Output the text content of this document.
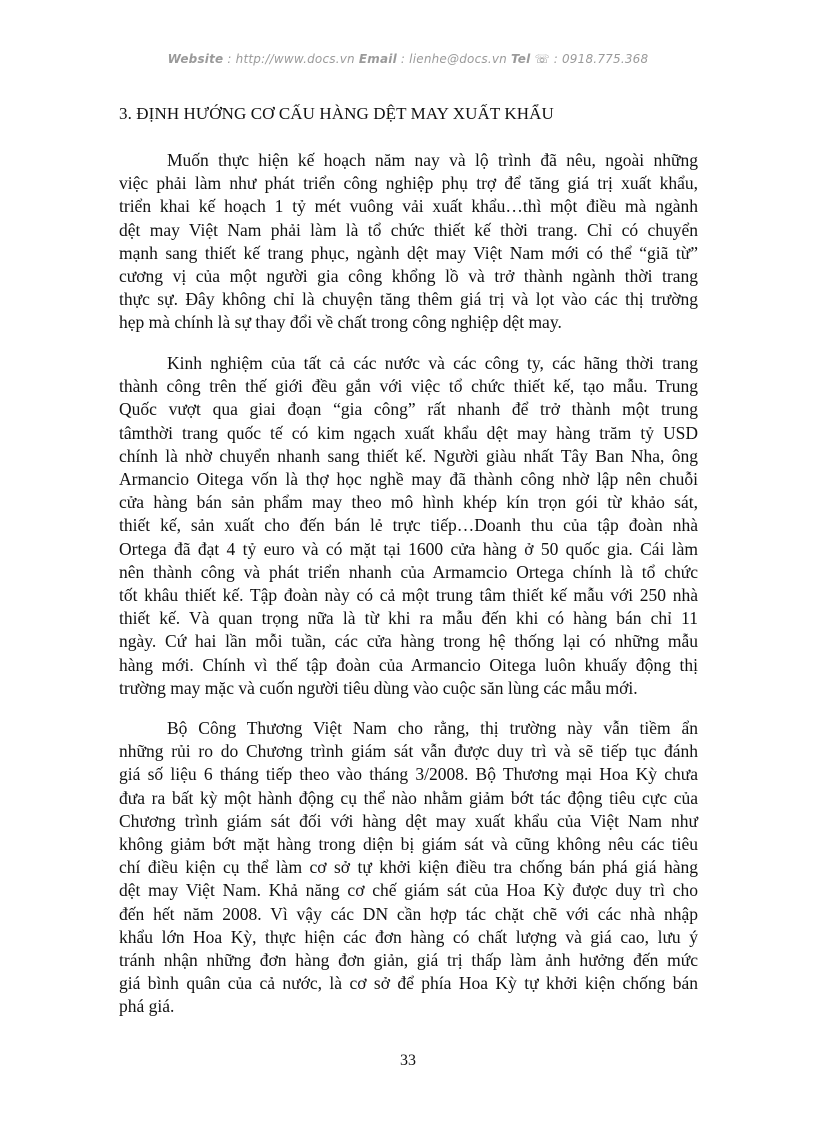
Website : http://www.docs.vn Email : lienhe@docs.vn Tel ☏ : 0918.775.368
3. ĐỊNH HƯỚNG CƠ CẤU HÀNG DỆT MAY XUẤT KHẨU
Muốn thực hiện kế hoạch năm nay và lộ trình đã nêu, ngoài những
việc phải làm như phát triển công nghiệp phụ trợ để tăng giá trị xuất khẩu,
triển khai kế hoạch 1 tỷ mét vuông vải xuất khẩu…thì một điều mà ngành
dệt may Việt Nam phải làm là tổ chức thiết kế thời trang. Chỉ có chuyển
mạnh sang thiết kế trang phục, ngành dệt may Việt Nam mới có thể “giã từ”
cương vị của một người gia công khổng lồ và trở thành ngành thời trang
thực sự. Đây không chỉ là chuyện tăng thêm giá trị và lọt vào các thị trường
hẹp mà chính là sự thay đổi về chất trong công nghiệp dệt may.
Kinh nghiệm của tất cả các nước và các công ty, các hãng thời trang
thành công trên thế giới đều gắn với việc tổ chức thiết kế, tạo mẫu. Trung
Quốc vượt qua giai đoạn “gia công” rất nhanh để trở thành một trung
tâmthời trang quốc tế có kim ngạch xuất khẩu dệt may hàng trăm tỷ USD
chính là nhờ chuyển nhanh sang thiết kế. Người giàu nhất Tây Ban Nha, ông
Armancio Oitega vốn là thợ học nghề may đã thành công nhờ lập nên chuỗi
cửa hàng bán sản phẩm may theo mô hình khép kín trọn gói từ khảo sát,
thiết kế, sản xuất cho đến bán lẻ trực tiếp…Doanh thu của tập đoàn nhà
Ortega đã đạt 4 tỷ euro và có mặt tại 1600 cửa hàng ở 50 quốc gia. Cái làm
nên thành công và phát triển nhanh của Armamcio Ortega chính là tổ chức
tốt khâu thiết kế. Tập đoàn này có cả một trung tâm thiết kế mẫu với 250 nhà
thiết kế. Và quan trọng nữa là từ khi ra mẫu đến khi có hàng bán chỉ 11
ngày. Cứ hai lần mỗi tuần, các cửa hàng trong hệ thống lại có những mẫu
hàng mới. Chính vì thế tập đoàn của Armancio Oitega luôn khuấy động thị
trường may mặc và cuốn người tiêu dùng vào cuộc săn lùng các mẫu mới.
Bộ Công Thương Việt Nam cho rằng, thị trường này vẫn tiềm ẩn
những rủi ro do Chương trình giám sát vẫn được duy trì và sẽ tiếp tục đánh
giá số liệu 6 tháng tiếp theo vào tháng 3/2008. Bộ Thương mại Hoa Kỳ chưa
đưa ra bất kỳ một hành động cụ thể nào nhằm giảm bớt tác động tiêu cực của
Chương trình giám sát đối với hàng dệt may xuất khẩu của Việt Nam như
không giảm bớt mặt hàng trong diện bị giám sát và cũng không nêu các tiêu
chí điều kiện cụ thể làm cơ sở tự khởi kiện điều tra chống bán phá giá hàng
dệt may Việt Nam. Khả năng cơ chế giám sát của Hoa Kỳ được duy trì cho
đến hết năm 2008. Vì vậy các DN cần hợp tác chặt chẽ với các nhà nhập
khẩu lớn Hoa Kỳ, thực hiện các đơn hàng có chất lượng và giá cao, lưu ý
tránh nhận những đơn hàng đơn giản, giá trị thấp làm ảnh hưởng đến mức
giá bình quân của cả nước, là cơ sở để phía Hoa Kỳ tự khởi kiện chống bán
phá giá.
33
